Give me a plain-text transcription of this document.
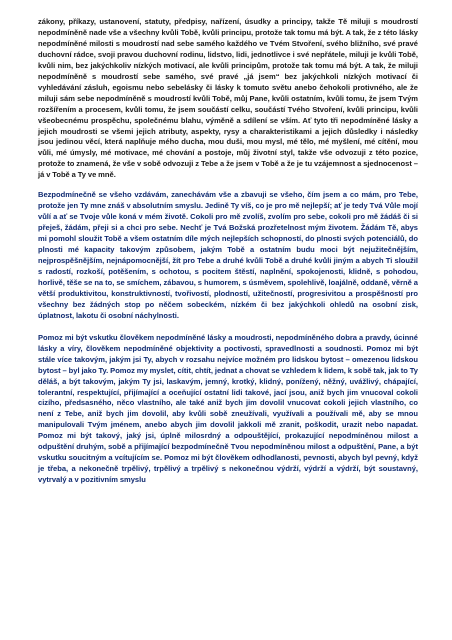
zákony, příkazy, ustanovení, statuty, předpisy, nařízení, úsudky a principy, takže Tě miluji s moudrostí nepodmíněně nade vše a všechny kvůli Tobě, kvůli principu, protože tak tomu má být. A tak, že z této lásky nepodmíněné milosti s moudrostí nad sebe samého každého ve Tvém Stvoření, svého bližního, své pravé duchovní rádce, svoji pravou duchovní rodinu, lidstvo, lidi, jednotlivce i své nepřátele, miluji je kvůli Tobě, kvůli nim, bez jakýchkoliv nízkých motivací, ale kvůli principům, protože tak tomu má být. A tak, že miluji nepodmíněně s moudrostí sebe samého, své pravé „já jsem“ bez jakýchkoli nízkých motivací či vyhledávání zásluh, egoismu nebo sebelásky či lásky k tomuto světu anebo čehokoli protivného, ale že miluji sám sebe nepodmíněně s moudrostí kvůli Tobě, můj Pane, kvůli ostatním, kvůli tomu, že jsem Tvým rozšířením a procesem, kvůli tomu, že jsem součástí celku, součástí Tvého Stvoření, kvůli principu, kvůli všeobecnému prospěchu, společnému blahu, výměně a sdílení se vším. Ať tyto tři nepodmíněné lásky a jejich moudrosti se všemi jejich atributy, aspekty, rysy a charakteristikami a jejich důsledky i následky jsou jedinou věcí, která naplňuje mého ducha, mou duši, mou mysl, mé tělo, mé myšlení, mé cítění, mou vůli, mé úmysly, mé motivace, mé chování a postoje, můj životní styl, takže vše odvozuji z této pozice, protože to znamená, že vše v sobě odvozuji z Tebe a že jsem v Tobě a že je tu vzájemnost a sjednocenost – já v Tobě a Ty ve mně.

Bezpodmínečně se všeho vzdávám, zanechávám vše a zbavuji se všeho, čím jsem a co mám, pro Tebe, protože jen Ty mne znáš v absolutním smyslu. Jedině Ty víš, co je pro mě nejlepší; ať je tedy Tvá Vůle mojí vůlí a ať se Tvoje vůle koná v mém životě. Cokoli pro mě zvolíš, zvolím pro sebe, cokoli pro mě žádáš či si přeješ, žádám, přeji si a chci pro sebe. Nechť je Tvá Božská prozřetelnost mým životem. Žádám Tě, abys mi pomohl sloužit Tobě a všem ostatním díle mých nejlepších schopností, do plnosti svých potenciálů, do plnosti mé kapacity takovým způsobem, jakým Tobě a ostatním budu moci být nejužitečnějším, nejprospěšnějším, nejnápomocnější, žít pro Tebe a druhé kvůli Tobě a druhé kvůli jiným a abych Ti sloužil s radostí, rozkoší, potěšením, s ochotou, s pocitem štěstí, naplnění, spokojenosti, klidně, s pohodou, horlivě, těše se na to, se smíchem, zábavou, s humorem, s úsměvem, spolehlivě, loajálně, oddaně, věrně a větší produktivitou, konstruktivností, tvořivostí, plodností, užitečností, progresivitou a prospěšností pro všechny bez žádných stop po něčem sobeckém, nízkém či bez jakýchkoli ohledů na osobní zisk, úplatnost, lakotu či osobní náchylnosti.

Pomoz mi být vskutku člověkem nepodmíněné lásky a moudrosti, nepodmíněného dobra a pravdy, úcinné lásky a víry, člověkem nepodmíněné objektivity a poctivosti, spravedlnosti a soudnosti. Pomoz mi být stále více takovým, jakým jsi Ty, abych v rozsahu nejvíce možném pro lidskou bytost – omezenou lidskou bytost – byl jako Ty. Pomoz my myslet, cítit, chtít, jednat a chovat se vzhledem k lidem, k sobě tak, jak to Ty děláš, a být takovým, jakým Ty jsi, laskavým, jemný, krotký, klidný, ponížený, něžný, uvážlivý, chápající, tolerantní, respektující, přijímající a oceňující ostatní lidi takové, jací jsou, aniž bych jim vnucoval cokoli cizího, předsasného, něco vlastního, ale také aniž bych jim dovolil vnucovat cokoli jejich vlastního, co není z Tebe, aniž bych jim dovolil, aby kvůli sobě zneužívali, využívali a používali mě, aby se mnou manipulovali Tvým jménem, anebo abych jim dovolil jakkoli mě zranit, poškodit, urazit nebo napadat. Pomoz mi být takový, jaký jsi, úplně milosrdný a odpouštějící, prokazující nepodmíněnou milost a odpuštění druhým, sobě a přijímající bezpodmínečně Tvou nepodmíněnou milost a odpuštění, Pane, a být vskutku soucitným a vcítujícím se. Pomoz mi být člověkem odhodlanosti, pevnosti, abych byl pevný, když je třeba, a nekonečně trpělivý, trpělivý a trpělivý s nekonečnou výdrží, výdrží a výdrží, být soustavný, vytrvalý a v pozitivním smyslu
